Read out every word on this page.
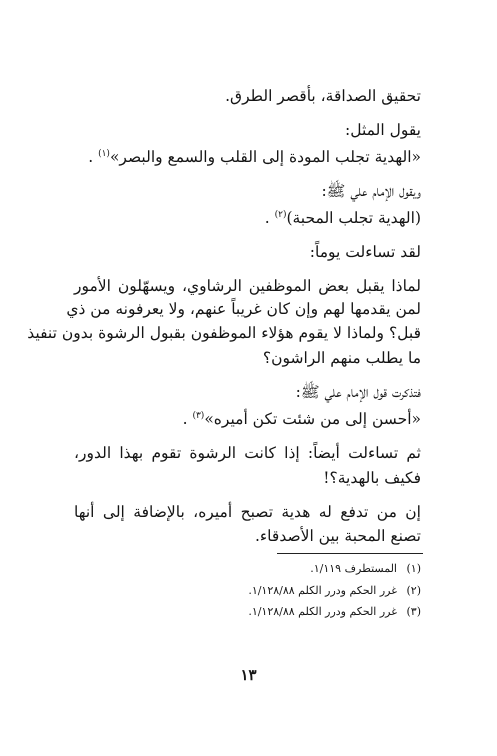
تحقيق الصداقة، بأقصر الطرق.
يقول المثل:
«الهدية تجلب المودة إلى القلب والسمع والبصر»$^{(١)}$ .
ويقول الإمام علي ﷺ:
(الهدية تجلب المحبة)$^{(٢)}$ .
لقد تساءلت يوماً:
لماذا يقبل بعض الموظفين الرشاوي، ويسهّلون الأمور
لمن يقدمها لهم وإن كان غريباً عنهم، ولا يعرفونه من ذي
قبل؟ ولماذا لا يقوم هؤلاء الموظفون بقبول الرشوة بدون تنفيذ
ما يطلب منهم الراشون؟
فتذكرت قول الإمام علي ﷺ:
«أحسن إلى من شئت تكن أميره»$^{(٣)}$ .
ثم تساءلت أيضاً: إذا كانت الرشوة تقوم بهذا الدور،
فكيف بالهدية؟!
إن من تدفع له هدية تصبح أميره، بالإضافة إلى أنها
تصنع المحبة بين الأصدقاء.
(١)المستطرف ١/١١٩.
(٢)غرر الحكم ودرر الكلم ١/١٢٨/٨٨.
(٣)غرر الحكم ودرر الكلم ١/١٢٨/٨٨.
١٣
